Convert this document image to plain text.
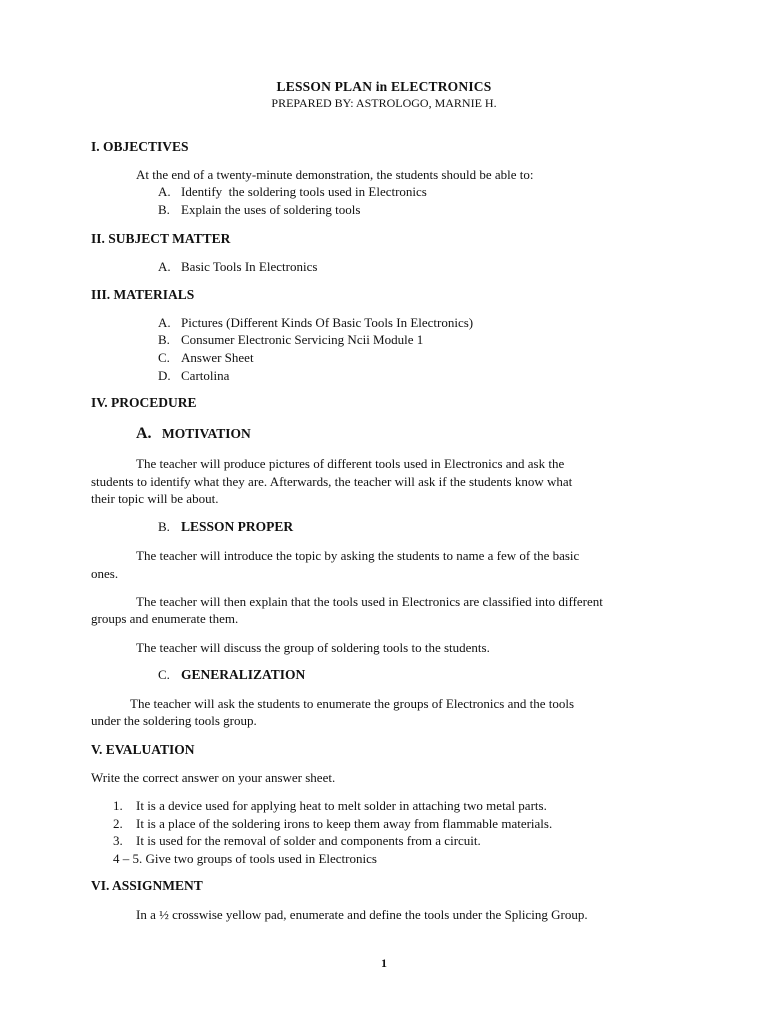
LESSON PLAN in ELECTRONICS
PREPARED BY: ASTROLOGO, MARNIE H.
I. OBJECTIVES
At the end of a twenty-minute demonstration, the students should be able to:
A. Identify  the soldering tools used in Electronics
B. Explain the uses of soldering tools
II. SUBJECT MATTER
A. Basic Tools In Electronics
III. MATERIALS
A. Pictures (Different Kinds Of Basic Tools In Electronics)
B. Consumer Electronic Servicing Ncii Module 1
C. Answer Sheet
D. Cartolina
IV. PROCEDURE
A. MOTIVATION
The teacher will produce pictures of different tools used in Electronics and ask the
students to identify what they are. Afterwards, the teacher will ask if the students know what
their topic will be about.
B. LESSON PROPER
The teacher will introduce the topic by asking the students to name a few of the basic
ones.
The teacher will then explain that the tools used in Electronics are classified into different
groups and enumerate them.
The teacher will discuss the group of soldering tools to the students.
C. GENERALIZATION
The teacher will ask the students to enumerate the groups of Electronics and the tools
under the soldering tools group.
V. EVALUATION
Write the correct answer on your answer sheet.
1.	It is a device used for applying heat to melt solder in attaching two metal parts.
2.	It is a place of the soldering irons to keep them away from flammable materials.
3.	It is used for the removal of solder and components from a circuit.
4 – 5. Give two groups of tools used in Electronics
VI. ASSIGNMENT
In a ½ crosswise yellow pad, enumerate and define the tools under the Splicing Group.
1
